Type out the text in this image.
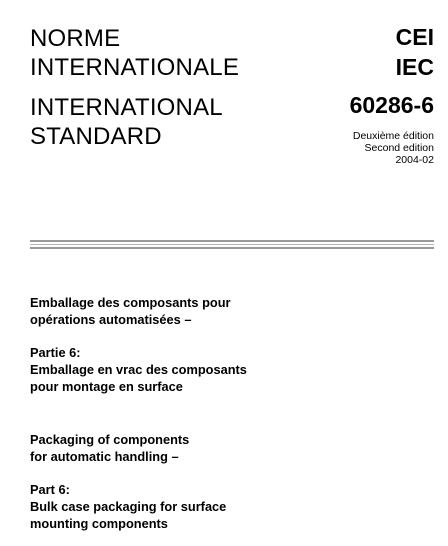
NORME
INTERNATIONALE
INTERNATIONAL
STANDARD
CEI
IEC
60286-6
Deuxième édition
Second edition
2004-02
Emballage des composants pour
opérations automatisées –
Partie 6:
Emballage en vrac des composants
pour montage en surface
Packaging of components
for automatic handling –
Part 6:
Bulk case packaging for surface
mounting components
